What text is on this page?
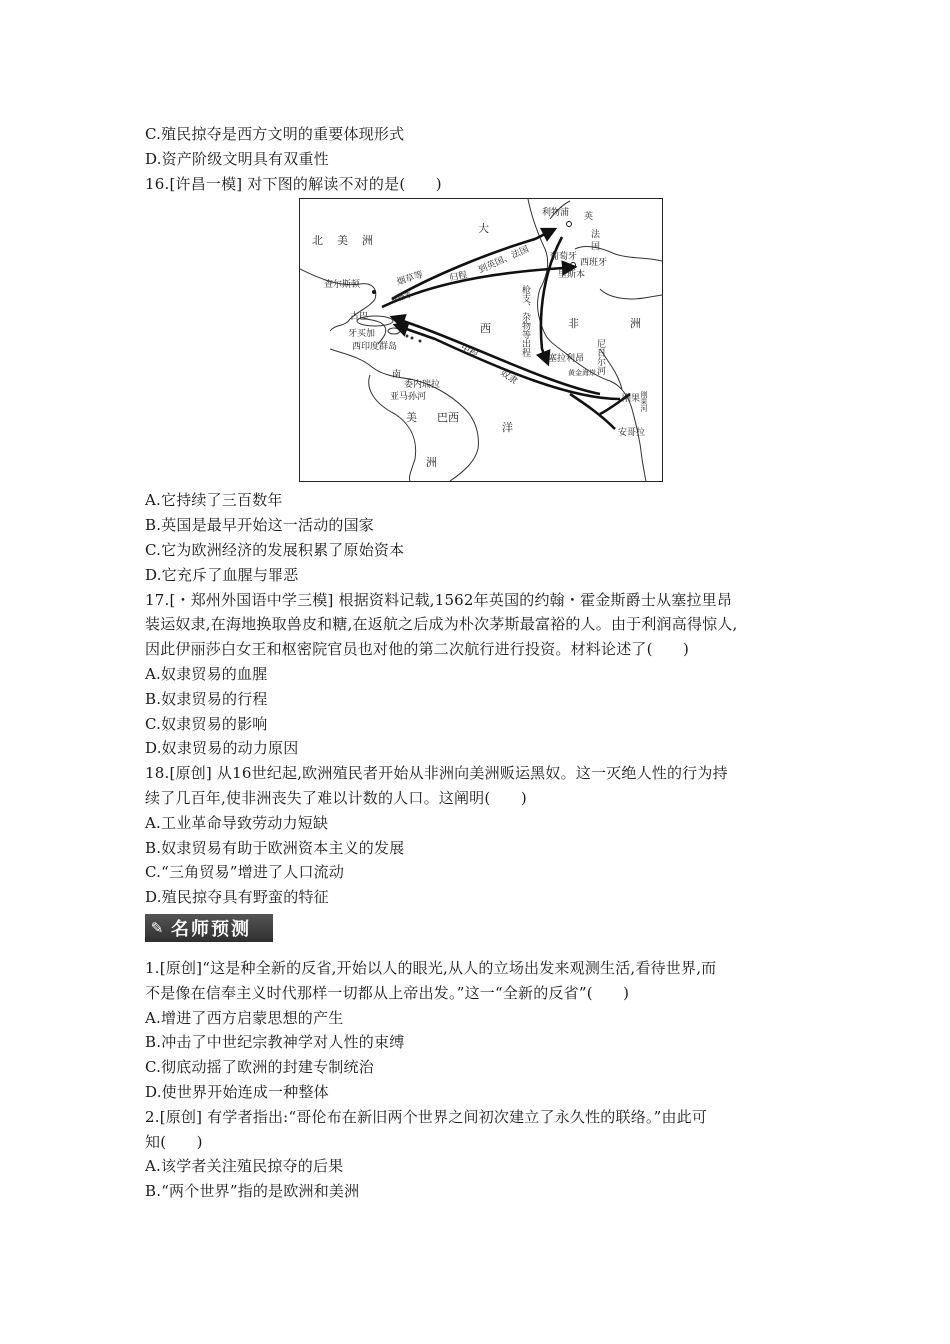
C.殖民掠夺是西方文明的重要体现形式
D.资产阶级文明具有双重性
16.[许昌一模] 对下图的解读不对的是(　　)
北 美 洲
大
西
洋
非	洲
美 巴西
洲
查尔斯顿
古巴
牙买加
西印度群岛
烟草等
蔗糖等
归程
到英国、法国
利物浦 英
法
国
葡萄牙
西班牙
里斯本
枪支、杂物等出程
中程
奴隶
塞拉利昂
黄金海岸 尼日尔河
刚果 刚果河
安哥拉
南
委内瑞拉
亚马孙河
A.它持续了三百数年
B.英国是最早开始这一活动的国家
C.它为欧洲经济的发展积累了原始资本
D.它充斥了血腥与罪恶
17.[・郑州外国语中学三模] 根据资料记载,1562年英国的约翰・霍金斯爵士从塞拉里昂
装运奴隶,在海地换取兽皮和糖,在返航之后成为朴次茅斯最富裕的人。由于利润高得惊人,
因此伊丽莎白女王和枢密院官员也对他的第二次航行进行投资。材料论述了(　　)
A.奴隶贸易的血腥
B.奴隶贸易的行程
C.奴隶贸易的影响
D.奴隶贸易的动力原因
18.[原创] 从16世纪起,欧洲殖民者开始从非洲向美洲贩运黑奴。这一灭绝人性的行为持
续了几百年,使非洲丧失了难以计数的人口。这阐明(　　)
A.工业革命导致劳动力短缺
B.奴隶贸易有助于欧洲资本主义的发展
C.“三角贸易”增进了人口流动
D.殖民掠夺具有野蛮的特征
✎ 名师预测
1.[原创]“这是种全新的反省,开始以人的眼光,从人的立场出发来观测生活,看待世界,而
不是像在信奉主义时代那样一切都从上帝出发。”这一“全新的反省”(　　)
A.增进了西方启蒙思想的产生
B.冲击了中世纪宗教神学对人性的束缚
C.彻底动摇了欧洲的封建专制统治
D.使世界开始连成一种整体
2.[原创] 有学者指出:“哥伦布在新旧两个世界之间初次建立了永久性的联络。”由此可
知(　　)
A.该学者关注殖民掠夺的后果
B.“两个世界”指的是欧洲和美洲
